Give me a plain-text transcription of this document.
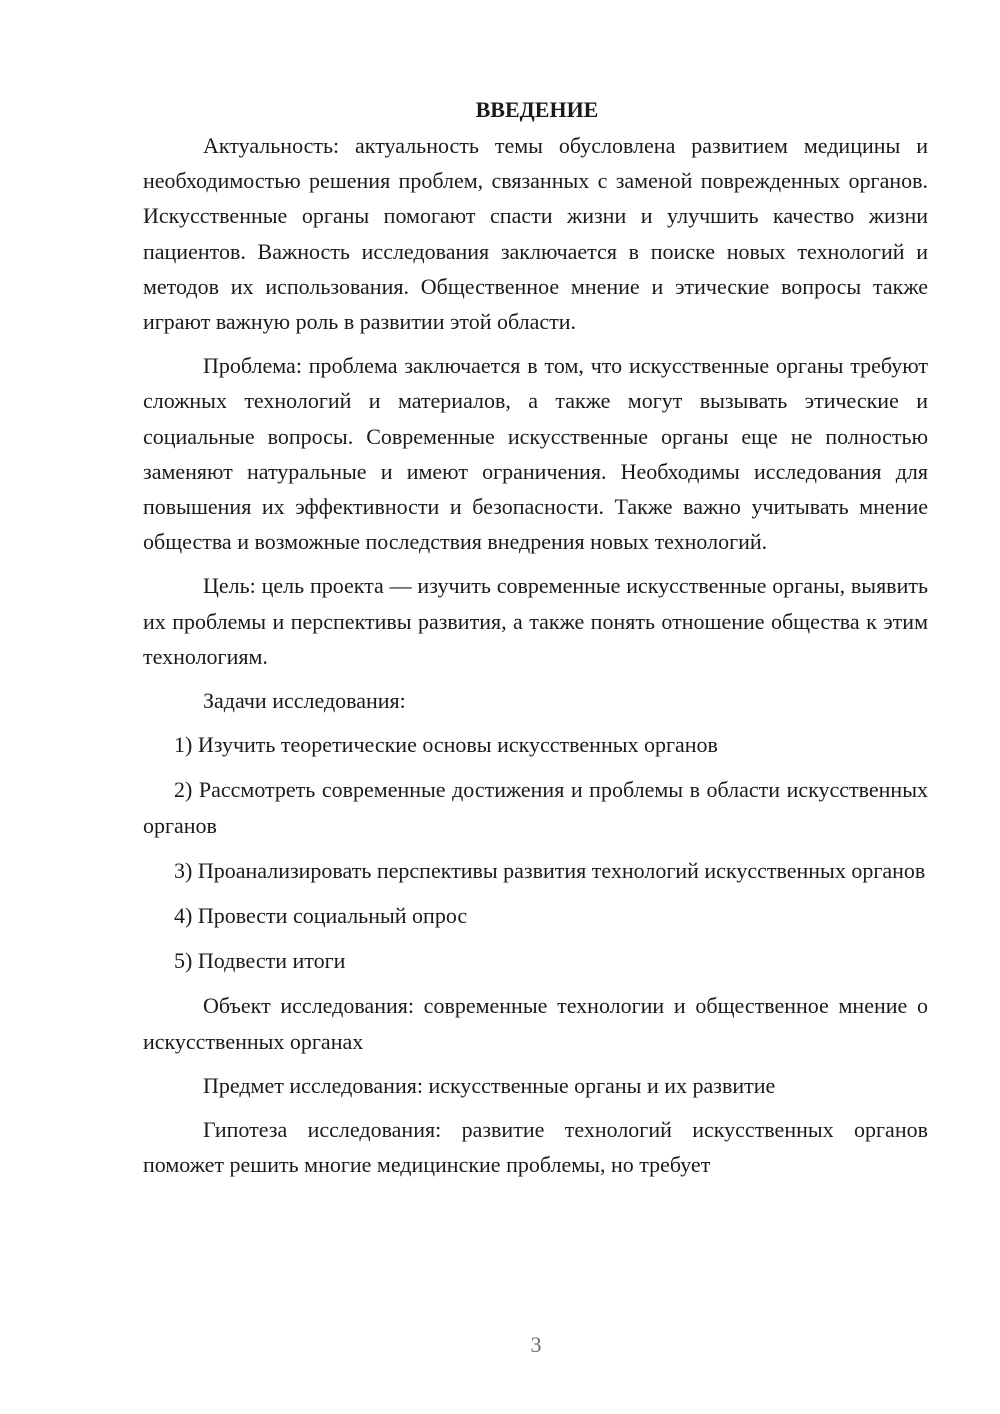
ВВЕДЕНИЕ

Актуальность: актуальность темы обусловлена развитием медицины и необходимостью решения проблем, связанных с заменой поврежденных органов. Искусственные органы помогают спасти жизни и улучшить качество жизни пациентов. Важность исследования заключается в поиске новых технологий и методов их использования. Общественное мнение и этические вопросы также играют важную роль в развитии этой области.

Проблема: проблема заключается в том, что искусственные органы требуют сложных технологий и материалов, а также могут вызывать этические и социальные вопросы. Современные искусственные органы еще не полностью заменяют натуральные и имеют ограничения. Необходимы исследования для повышения их эффективности и безопасности. Также важно учитывать мнение общества и возможные последствия внедрения новых технологий.

Цель: цель проекта — изучить современные искусственные органы, выявить их проблемы и перспективы развития, а также понять отношение общества к этим технологиям.

Задачи исследования:

1) Изучить теоретические основы искусственных органов

2) Рассмотреть современные достижения и проблемы в области искусственных органов

3) Проанализировать перспективы развития технологий искусственных органов

4) Провести социальный опрос

5) Подвести итоги

Объект исследования: современные технологии и общественное мнение о искусственных органах

Предмет исследования: искусственные органы и их развитие

Гипотеза исследования: развитие технологий искусственных органов поможет решить многие медицинские проблемы, но требует

3
